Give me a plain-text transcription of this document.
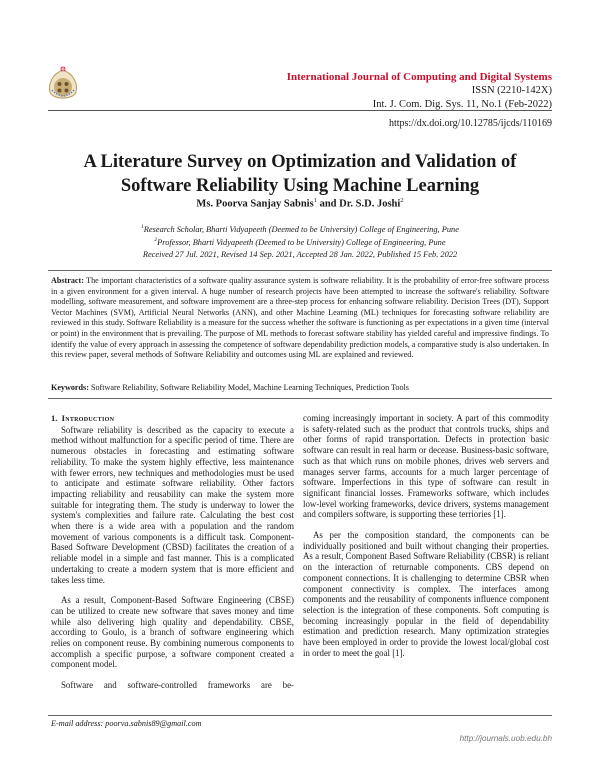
International Journal of Computing and Digital Systems
ISSN (2210-142X)
Int. J. Com. Dig. Sys. 11, No.1 (Feb-2022)
https://dx.doi.org/10.12785/ijcds/110169
A Literature Survey on Optimization and Validation of
Software Reliability Using Machine Learning
Ms. Poorva Sanjay Sabnis$^1$ and Dr. S.D. Joshi$^2$
$^1$Research Scholar, Bharti Vidyapeeth (Deemed to be University) College of Engineering, Pune
$^2$Professor, Bharti Vidyapeeth (Deemed to be University) College of Engineering, Pune
Received 27 Jul. 2021, Revised 14 Sep. 2021, Accepted 28 Jan. 2022, Published 15 Feb. 2022
Abstract: The important characteristics of a software quality assurance system is software reliability. It is the probability of error-free software process in a given environment for a given interval. A huge number of research projects have been attempted to increase the software's reliability. Software modelling, software measurement, and software improvement are a three-step process for enhancing software reliability. Decision Trees (DT), Support Vector Machines (SVM), Artificial Neural Networks (ANN), and other Machine Learning (ML) techniques for forecasting software reliability are reviewed in this study. Software Reliability is a measure for the success whether the software is functioning as per expectations in a given time (interval or point) in the environment that is prevailing. The purpose of ML methods to forecast software stability has yielded careful and impressive findings. To identify the value of every approach in assessing the competence of software dependability prediction models, a comparative study is also undertaken. In this review paper, several methods of Software Reliability and outcomes using ML are explained and reviewed.
Keywords: Software Reliability, Software Reliability Model, Machine Learning Techniques, Prediction Tools
1. Introduction

Software reliability is described as the capacity to execute a method without malfunction for a specific period of time. There are numerous obstacles in forecasting and estimating software reliability. To make the system highly effective, less maintenance with fewer errors, new techniques and methodologies must be used to anticipate and estimate software reliability. Other factors impacting reliability and reusability can make the system more suitable for integrating them. The study is underway to lower the system's complexities and failure rate. Calculating the best cost when there is a wide area with a population and the random movement of various components is a difficult task. Component-Based Software Development (CBSD) facilitates the creation of a reliable model in a simple and fast manner. This is a complicated undertaking to create a modern system that is more efficient and takes less time.

As a result, Component-Based Software Engineering (CBSE) can be utilized to create new software that saves money and time while also delivering high quality and dependability. CBSE, according to Goulo, is a branch of software engineering which relies on component reuse. By combining numerous components to accomplish a specific purpose, a software component created a component model.

Software and software-controlled frameworks are be-

coming increasingly important in society. A part of this commodity is safety-related such as the product that controls trucks, ships and other forms of rapid transportation. Defects in protection basic software can result in real harm or decease. Business-basic software, such as that which runs on mobile phones, drives web servers and manages server farms, accounts for a much larger percentage of software. Imperfections in this type of software can result in significant financial losses. Frameworks software, which includes low-level working frameworks, device drivers, systems management and compilers software, is supporting these terriories [1].

As per the composition standard, the components can be individually positioned and built without changing their properties. As a result, Component Based Software Reliability (CBSR) is reliant on the interaction of returnable components. CBS depend on component connections. It is challenging to determine CBSR when component connectivity is complex. The interfaces among components and the reusability of components influence component selection is the integration of these components. Soft computing is becoming increasingly popular in the field of dependability estimation and prediction research. Many optimization strategies have been employed in order to provide the lowest local/global cost in order to meet the goal [1].

E-mail address: poorva.sabnis89@gmail.com
http://journals.uob.edu.bh
